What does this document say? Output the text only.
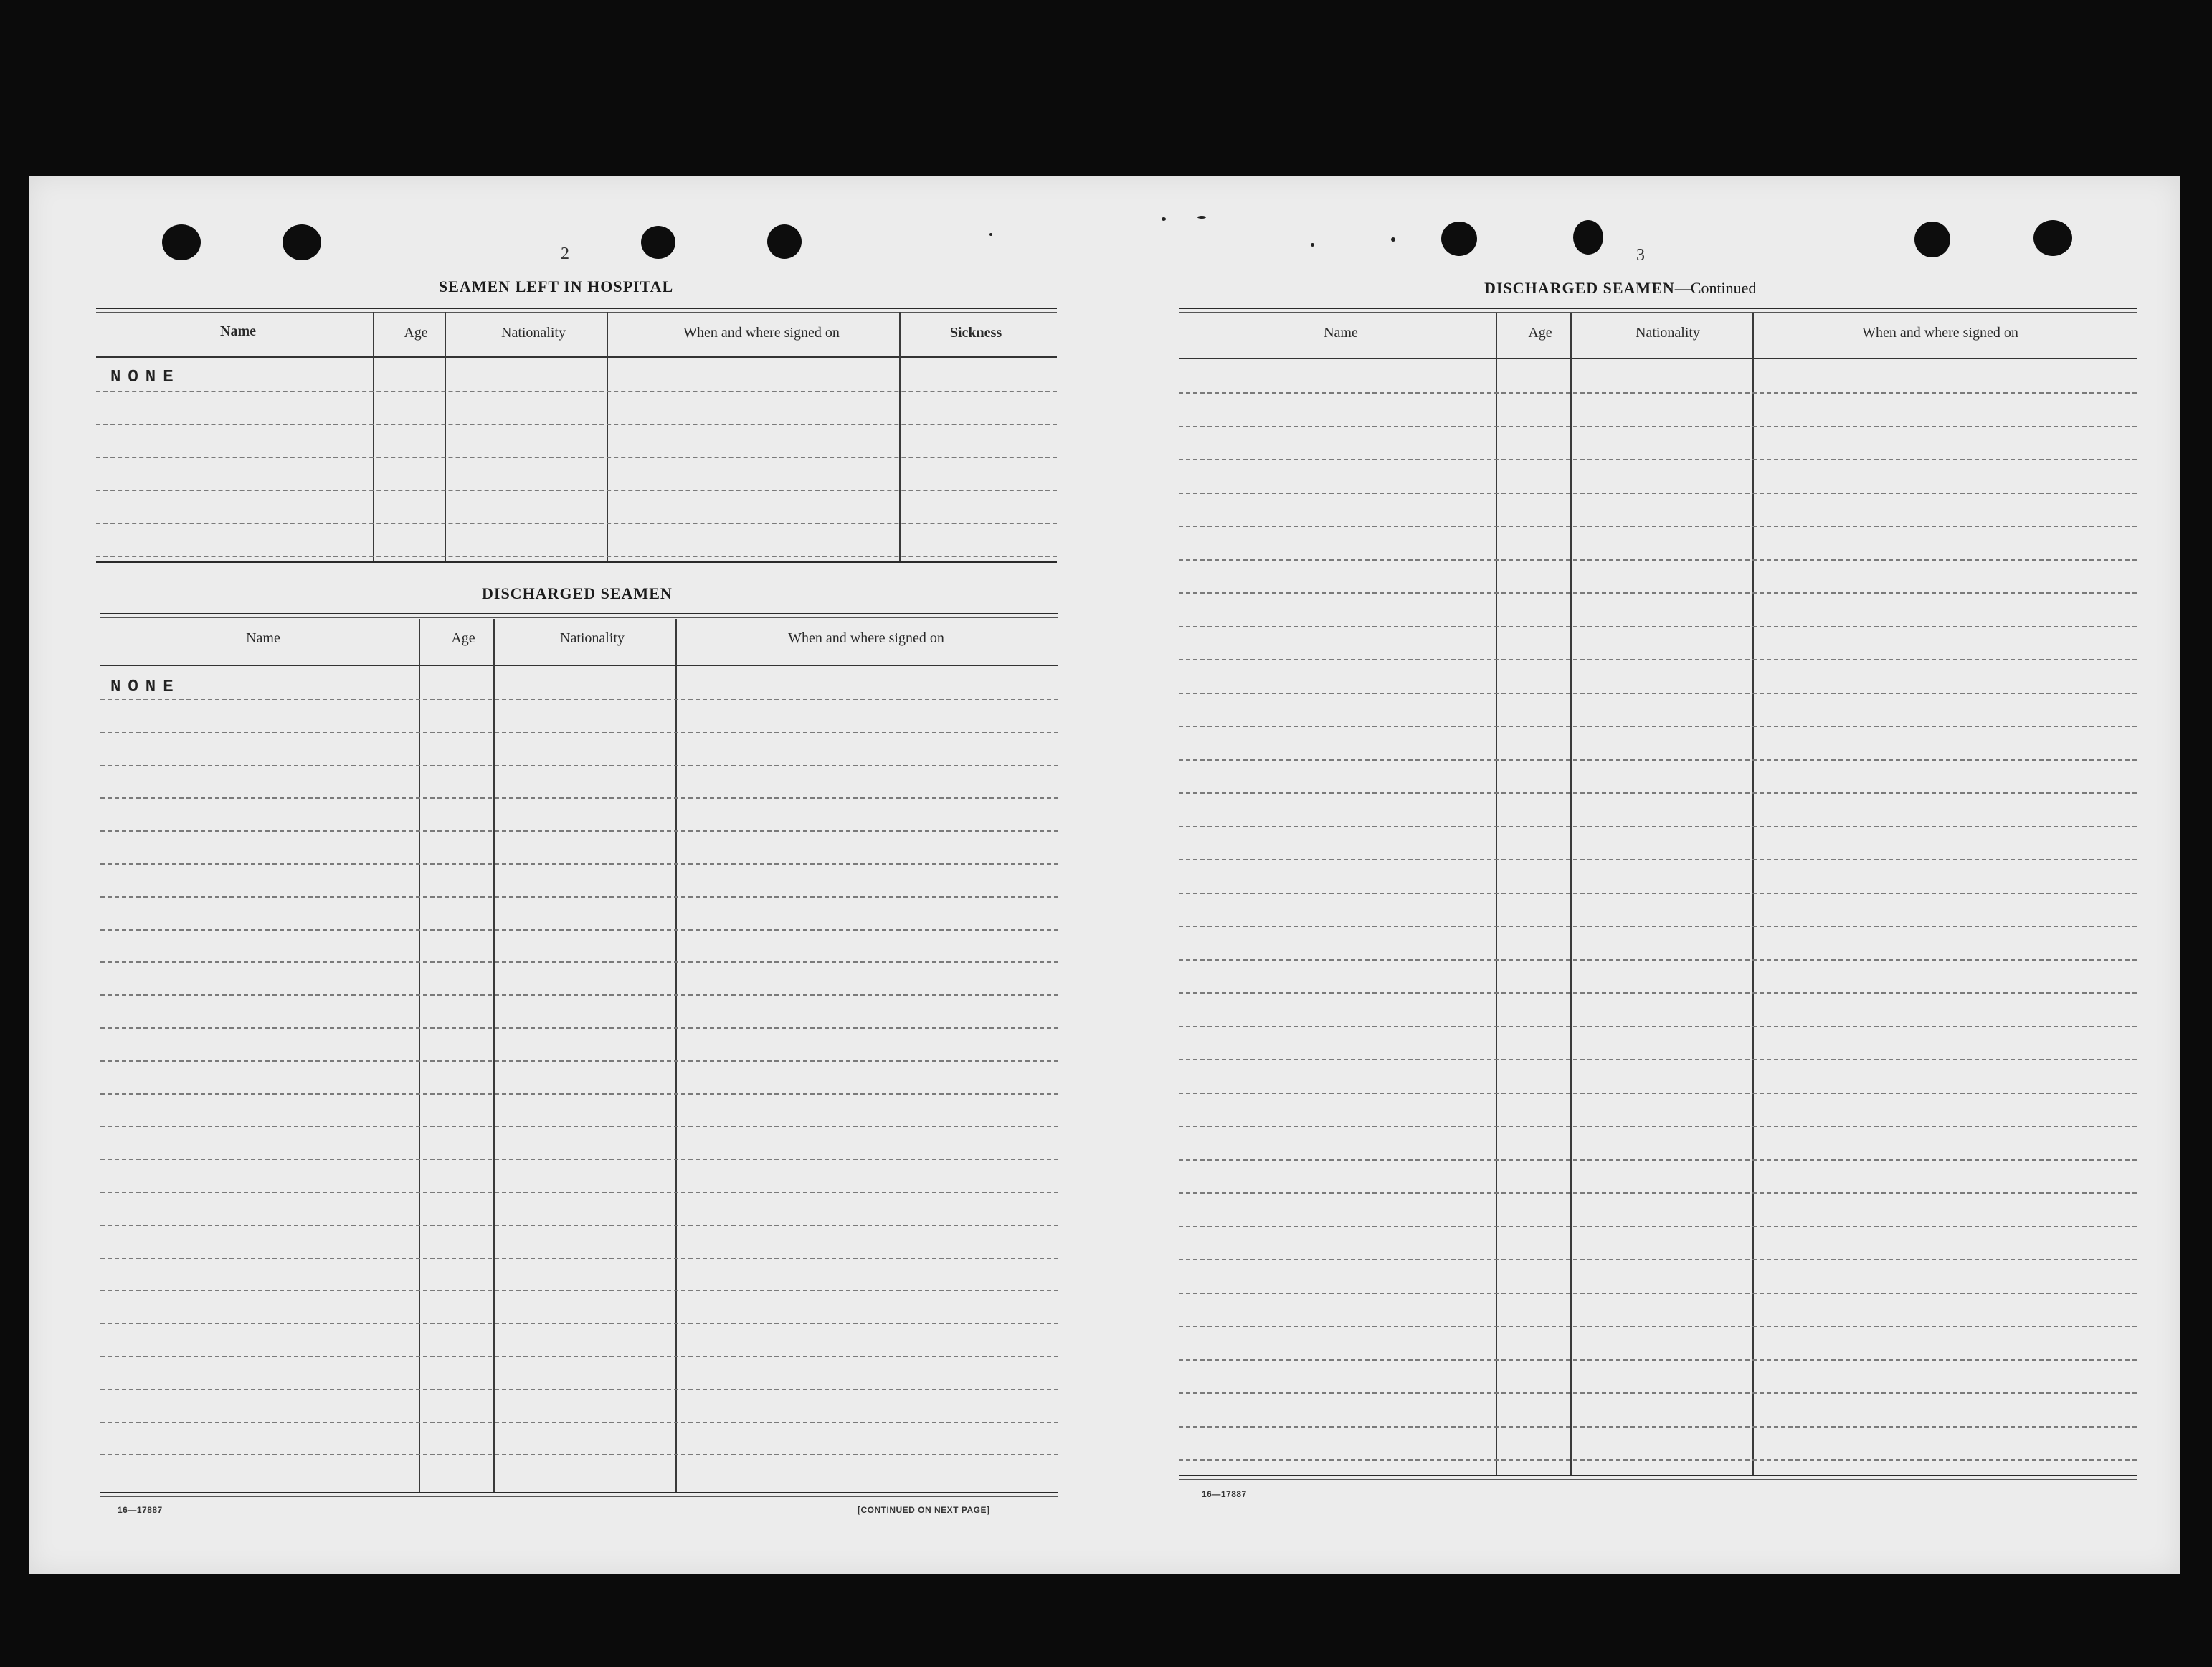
2
SEAMEN LEFT IN HOSPITAL
Name	Age	Nationality	When and where signed on	Sickness
NONE
DISCHARGED SEAMEN
Name	Age	Nationality	When and where signed on
NONE
16—17887	[CONTINUED ON NEXT PAGE]
3
DISCHARGED SEAMEN—Continued
Name	Age	Nationality	When and where signed on
16—17887
